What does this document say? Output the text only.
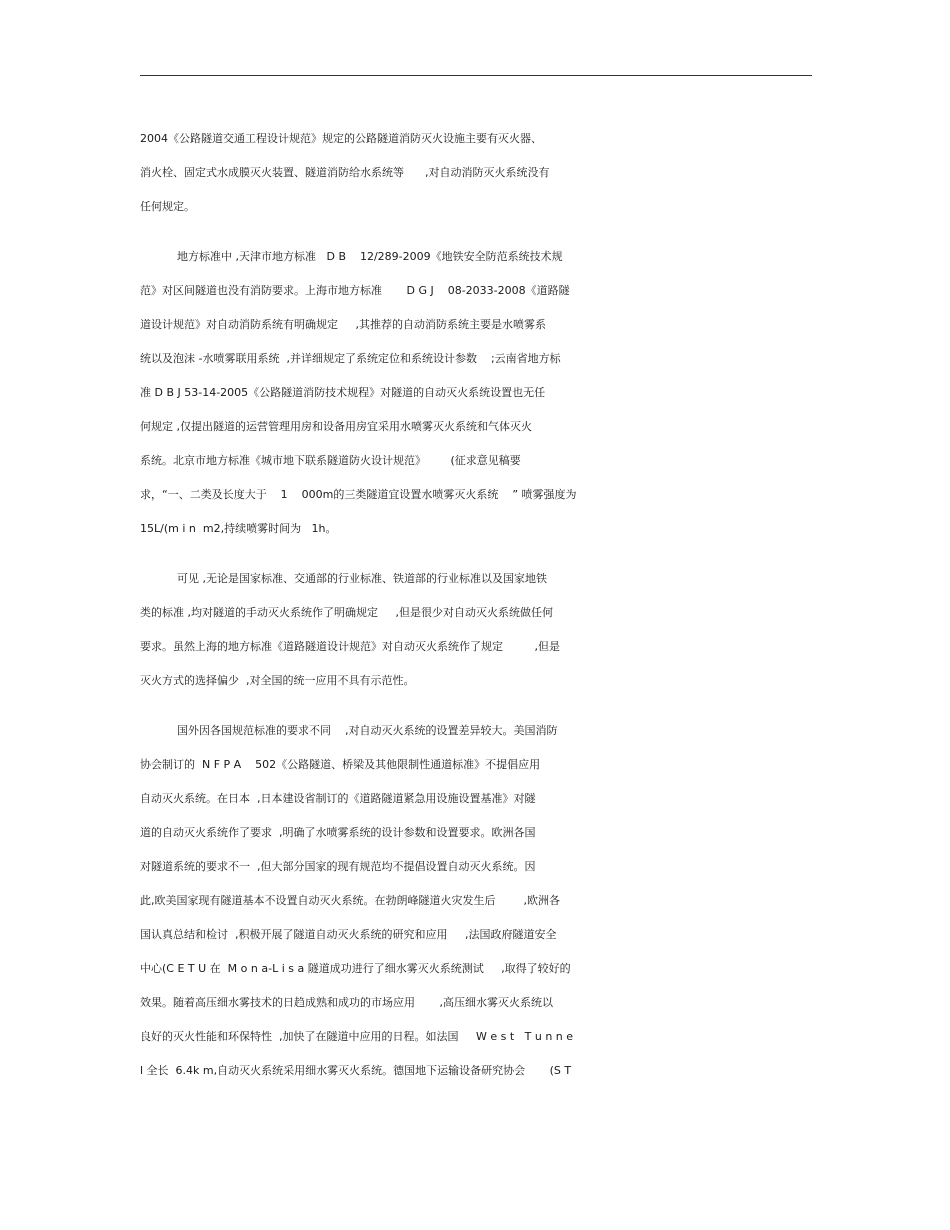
2004《公路隧道交通工程设计规范》规定的公路隧道消防灭火设施主要有灭火器、
消火栓、固定式水成膜灭火装置、隧道消防给水系统等      ,对自动消防灭火系统没有
任何规定。
地方标准中 ,天津市地方标准   D B    12/289-2009《地铁安全防范系统技术规
范》对区间隧道也没有消防要求。上海市地方标准       D G J    08-2033-2008《道路隧
道设计规范》对自动消防系统有明确规定     ,其推荐的自动消防系统主要是水喷雾系
统以及泡沫 -水喷雾联用系统  ,并详细规定了系统定位和系统设计参数    ;云南省地方标
准 D B J 53-14-2005《公路隧道消防技术规程》对隧道的自动灭火系统设置也无任
何规定 ,仅提出隧道的运营管理用房和设备用房宜采用水喷雾灭火系统和气体灭火
系统。北京市地方标准《城市地下联系隧道防火设计规范》       (征求意见稿要
求，“一、二类及长度大于    1    000m的三类隧道宜设置水喷雾灭火系统    ” 喷雾强度为
15L/(m i n  m2,持续喷雾时间为   1h。
可见 ,无论是国家标准、交通部的行业标准、铁道部的行业标准以及国家地铁
类的标准 ,均对隧道的手动灭火系统作了明确规定     ,但是很少对自动灭火系统做任何
要求。虽然上海的地方标准《道路隧道设计规范》对自动灭火系统作了规定         ,但是
灭火方式的选择偏少  ,对全国的统一应用不具有示范性。
国外因各国规范标准的要求不同    ,对自动灭火系统的设置差异较大。美国消防
协会制订的  N F P A    502《公路隧道、桥梁及其他限制性通道标准》不提倡应用
自动灭火系统。在日本  ,日本建设省制订的《道路隧道紧急用设施设置基准》对隧
道的自动灭火系统作了要求  ,明确了水喷雾系统的设计参数和设置要求。欧洲各国
对隧道系统的要求不一  ,但大部分国家的现有规范均不提倡设置自动灭火系统。因
此,欧美国家现有隧道基本不设置自动灭火系统。在勃朗峰隧道火灾发生后        ,欧洲各
国认真总结和检讨  ,积极开展了隧道自动灭火系统的研究和应用     ,法国政府隧道安全
中心(C E T U 在  M o n a-L i s a 隧道成功进行了细水雾灭火系统测试     ,取得了较好的
效果。随着高压细水雾技术的日趋成熟和成功的市场应用       ,高压细水雾灭火系统以
良好的灭火性能和环保特性  ,加快了在隧道中应用的日程。如法国     W e s t   T u n n e
l 全长  6.4k m,自动灭火系统采用细水雾灭火系统。德国地下运输设备研究协会       (S T
